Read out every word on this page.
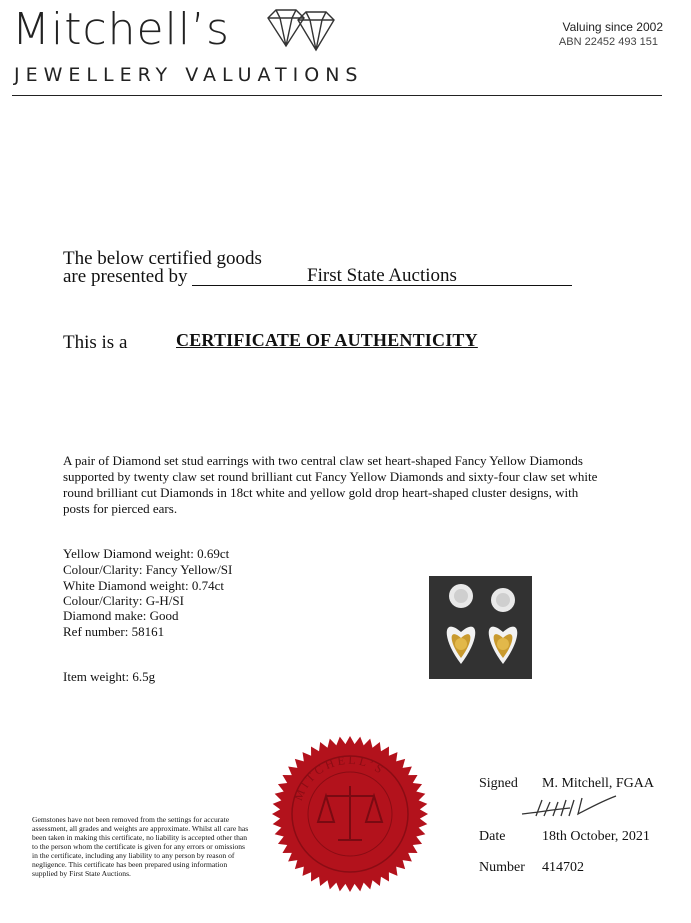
Mitchell’s
JEWELLERY VALUATIONS
Valuing since 2002
ABN 22452 493 151
The below certified goods
are presented by	First State Auctions
This is a	CERTIFICATE OF AUTHENTICITY
A pair of Diamond set stud earrings with two central claw set heart-shaped Fancy Yellow Diamonds supported by twenty claw set round brilliant cut Fancy Yellow Diamonds and sixty-four claw set white round brilliant cut Diamonds in 18ct white and yellow gold drop heart-shaped cluster designs, with posts for pierced ears.
Yellow Diamond weight: 0.69ct
Colour/Clarity: Fancy Yellow/SI
White Diamond weight: 0.74ct
Colour/Clarity: G-H/SI
Diamond make: Good
Ref number: 58161
Item weight: 6.5g
MITCHELL’S
Gemstones have not been removed from the settings for accurate assessment, all grades and weights are approximate. Whilst all care has been taken in making this certificate, no liability is accepted other than to the person whom the certificate is given for any errors or omissions in the certificate, including any liability to any person by reason of negligence. This certificate has been prepared using information supplied by First State Auctions.
Signed M. Mitchell, FGAA
Date	18th October, 2021
Number 414702
